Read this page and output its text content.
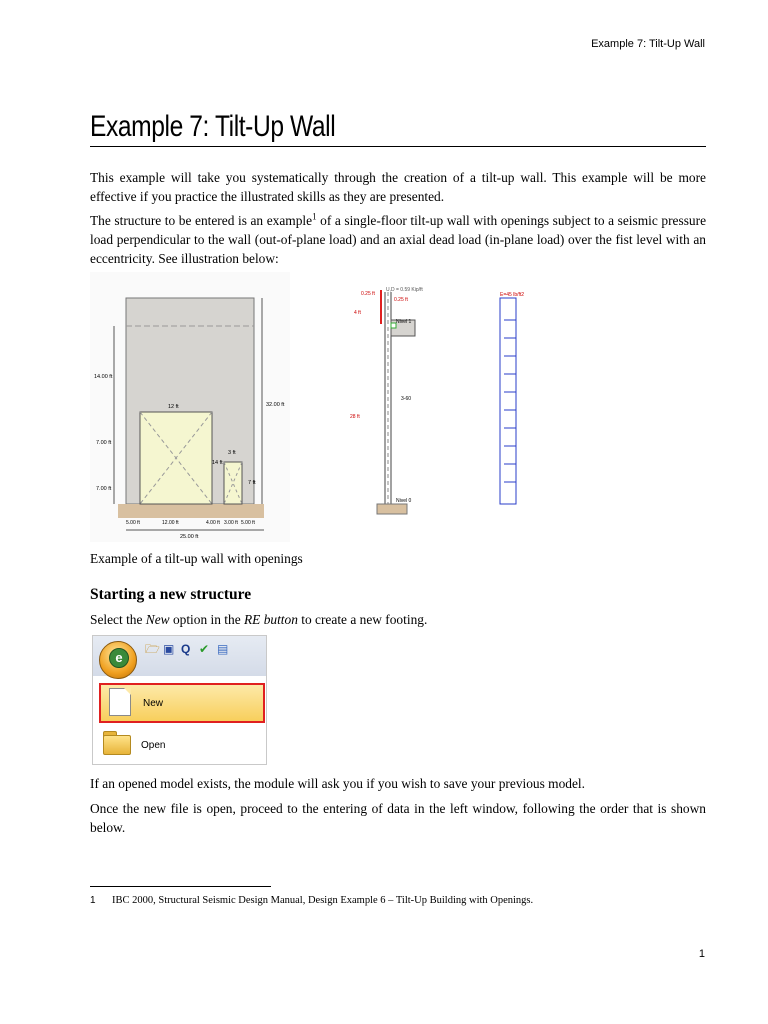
Example 7: Tilt-Up Wall
Example 7: Tilt-Up Wall
This example will take you systematically through the creation of a tilt-up wall. This example will be more effective if you practice the illustrated skills as they are presented.
The structure to be entered is an example$^1$ of a single-floor tilt-up wall with openings subject to a seismic pressure load perpendicular to the wall (out-of-plane load) and an axial dead load (in-plane load) over the fist level with an eccentricity. See illustration below:
14.00 ft
7.00 ft
7.00 ft
32.00 ft
12 ft
3 ft
14 ft
7 ft
5.00 ft	12.00 ft	4.00 ft 3.00 ft 5.00 ft
25.00 ft
0.25 ft
U,D = 0.59 Kip/ft
0.25 ft
4 ft
28 ft
3-60
Nivel 1
Nivel 0
E=45 lb/ft2
Example of a tilt-up wall with openings
Starting a new structure
Select the New option in the RE button to create a new footing.
e
🗁 ▣ Q ✔ ▤
New
Open
If an opened model exists, the module will ask you if you wish to save your previous model.
Once the new file is open, proceed to the entering of data in the left window, following the order that is shown below.
1 IBC 2000, Structural Seismic Design Manual, Design Example 6 – Tilt-Up Building with Openings.
1
